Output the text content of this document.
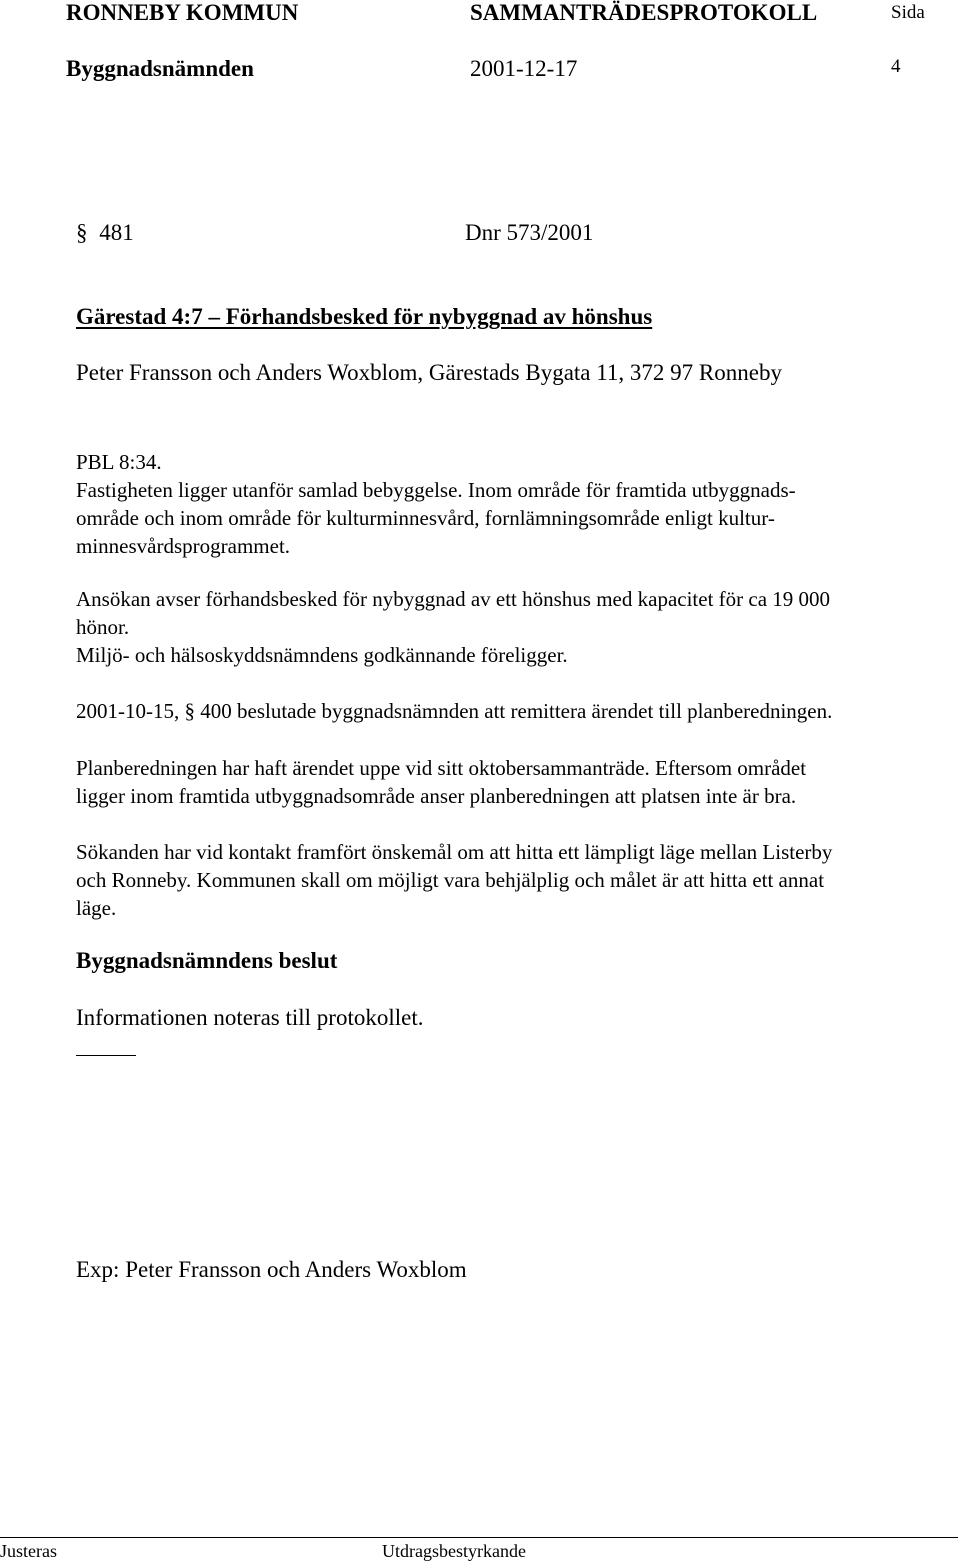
RONNEBY KOMMUN	SAMMANTRÄDESPROTOKOLL	Sida
Byggnadsnämnden	2001-12-17	4
§ 481	Dnr 573/2001
Gärestad 4:7 – Förhandsbesked för nybyggnad av hönshus
Peter Fransson och Anders Woxblom, Gärestads Bygata 11, 372 97 Ronneby

PBL 8:34.

Fastigheten ligger utanför samlad bebyggelse. Inom område för framtida utbyggnads-

område och inom område för kulturminnesvård, fornlämningsområde enligt kultur-

minnesvårdsprogrammet.

Ansökan avser förhandsbesked för nybyggnad av ett hönshus med kapacitet för ca 19 000

hönor.

Miljö- och hälsoskyddsnämndens godkännande föreligger.

2001-10-15, § 400 beslutade byggnadsnämnden att remittera ärendet till planberedningen.

Planberedningen har haft ärendet uppe vid sitt oktobersammanträde. Eftersom området

ligger inom framtida utbyggnadsområde anser planberedningen att platsen inte är bra.

Sökanden har vid kontakt framfört önskemål om att hitta ett lämpligt läge mellan Listerby

och Ronneby. Kommunen skall om möjligt vara behjälplig och målet är att hitta ett annat

läge.

Byggnadsnämndens beslut
Informationen noteras till protokollet.
Exp: Peter Fransson och Anders Woxblom
Justeras	Utdragsbestyrkande
